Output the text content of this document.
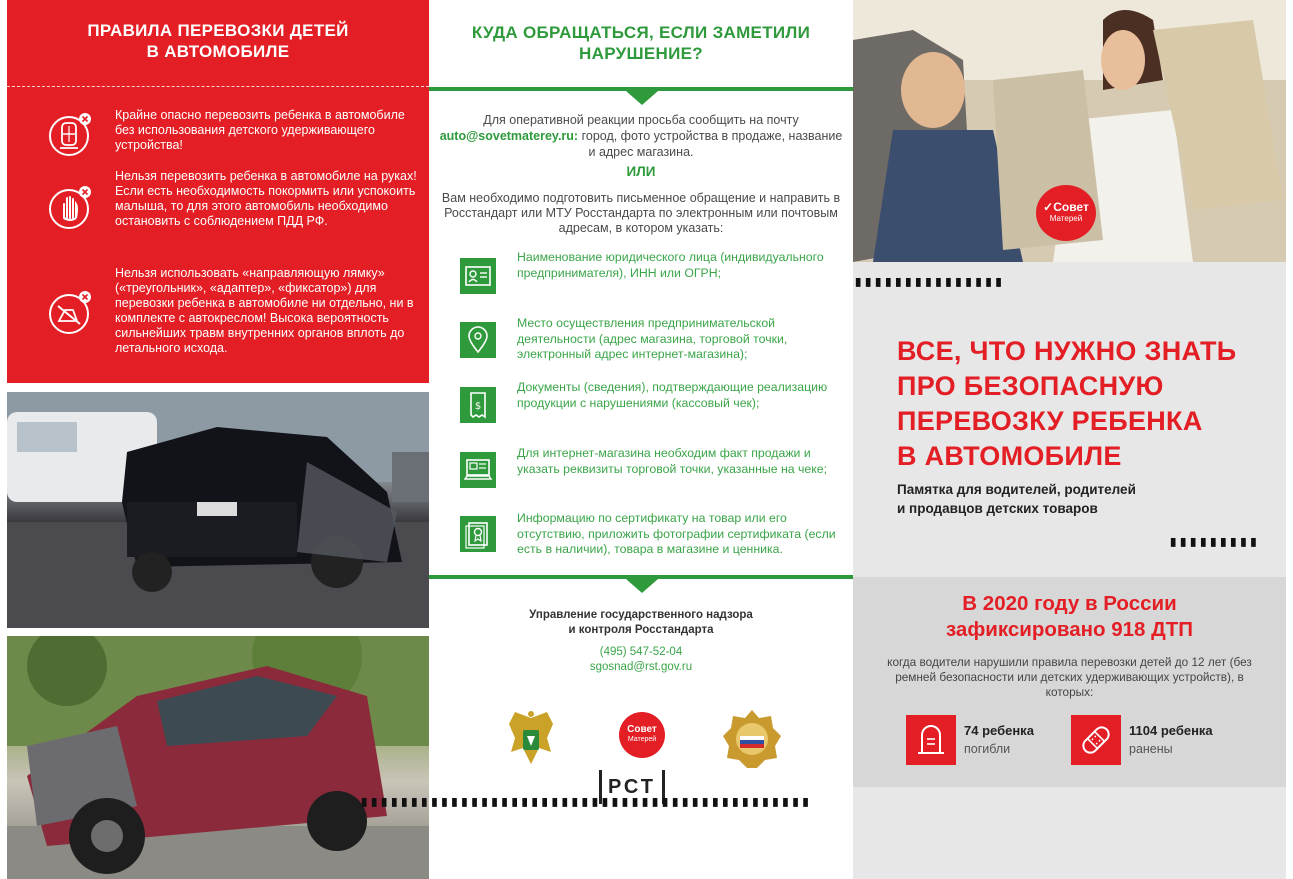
ПРАВИЛА ПЕРЕВОЗКИ ДЕТЕЙ
В АВТОМОБИЛЕ
Крайне опасно перевозить ребенка в автомобиле без использования детского удерживающего устройства!
Нельзя перевозить ребенка в автомобиле на руках! Если есть необходимость покормить или успокоить малыша, то для этого автомобиль необходимо остановить с соблюдением ПДД РФ.
Нельзя использовать «направляющую лямку» («треугольник», «адаптер», «фиксатор») для перевозки ребенка в автомобиле ни отдельно, ни в комплекте с автокреслом! Высока вероятность сильнейших травм внутренних органов вплоть до летального исхода.
КУДА ОБРАЩАТЬСЯ, ЕСЛИ ЗАМЕТИЛИ
НАРУШЕНИЕ?
Для оперативной реакции просьба сообщить на почту
auto@sovetmaterey.ru: город, фото устройства в продаже, название и адрес магазина.
ИЛИ
Вам необходимо подготовить письменное обращение и направить в Росстандарт или МТУ Росстандарта по электронным или почтовым адресам, в котором указать:
Наименование юридического лица (индивидуального предпринимателя), ИНН или ОГРН;
Место осуществления предпринимательской деятельности (адрес магазина, торговой точки, электронный адрес интернет-магазина);
$
Документы (сведения), подтверждающие реализацию продукции с нарушениями (кассовый чек);
Для интернет-магазина необходим факт продажи и указать реквизиты торговой точки, указанные на чеке;
Информацию по сертификату на товар или его отсутствию, приложить фотографии сертификата (если есть в наличии), товара в магазине и ценника.
Управление государственного надзора
и контроля Росстандарта
(495) 547-52-04
sgosnad@rst.gov.ru
Совет
Матерей
РСТ
▘▘▘▘▘▘▘▘▘▘▘▘▘▘▘▘▘▘▘▘▘▘▘▘▘▘▘▘▘▘▘▘▘▘▘▘▘▘▘▘▘▘▘▘▘
✓Совет
Матерей
▘▘▘▘▘▘▘▘▘▘▘▘▘▘▘
ВСЕ, ЧТО НУЖНО ЗНАТЬ
ПРО БЕЗОПАСНУЮ
ПЕРЕВОЗКУ РЕБЕНКА
В АВТОМОБИЛЕ
Памятка для водителей, родителей
и продавцов детских товаров
▘▘▘▘▘▘▘▘▘
В 2020 году в России
зафиксировано 918 ДТП
когда водители нарушили правила перевозки детей до 12 лет (без ремней безопасности или детских удерживающих устройств), в которых:
74 ребенка
погибли
1104 ребенка
ранены
